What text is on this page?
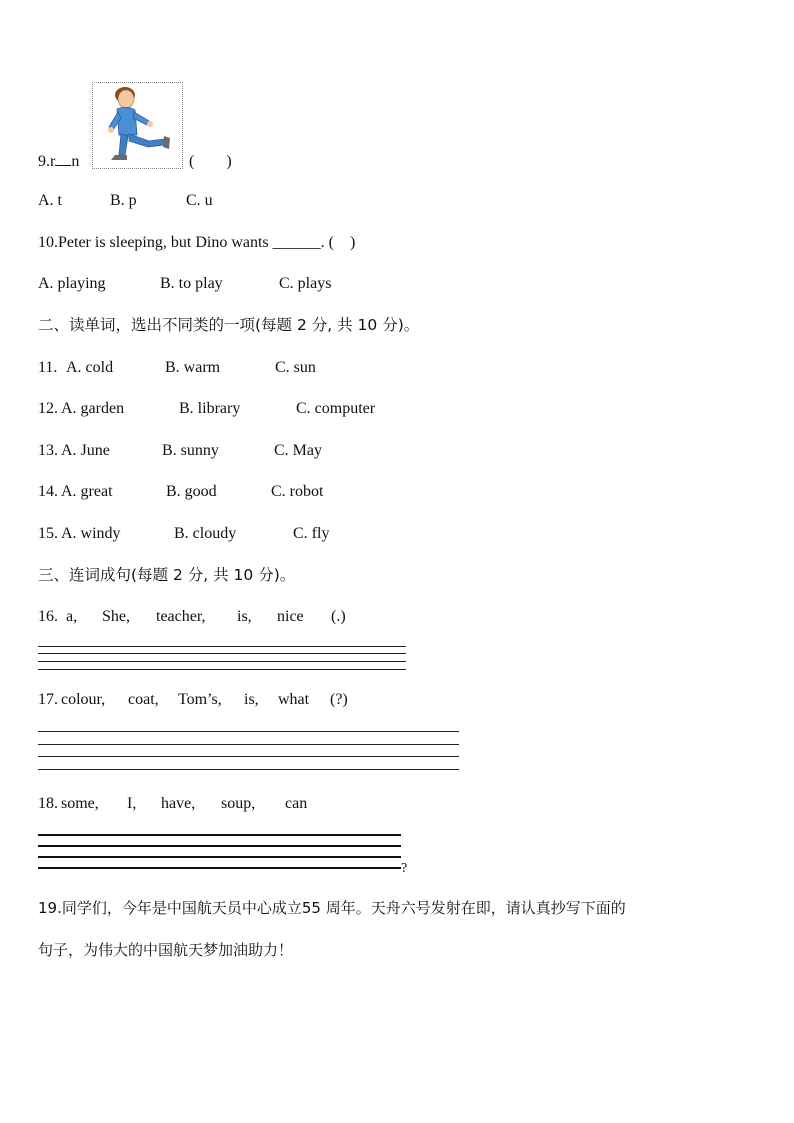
9.r n	(　　)
A. t	B. p	C. u
10.Peter is sleeping, but Dino wants ______. (　)
A. playing	B. to play	C. plays
二、读单词，选出不同类的一项(每题 2 分, 共 10 分)。
11. A. cold	B. warm	C. sun
12. A. garden	B. library	C. computer
13. A. June	B. sunny	C. May
14. A. great	B. good	C. robot
15. A. windy	B. cloudy	C. fly
三、连词成句(每题 2 分, 共 10 分)。
16. a, She, teacher, is, nice (.)
17. colour, coat, Tom’s, is, what (?)
18. some, I, have, soup, can
?
19.同学们，今年是中国航天员中心成立55 周年。天舟六号发射在即，请认真抄写下面的
句子，为伟大的中国航天梦加油助力！
